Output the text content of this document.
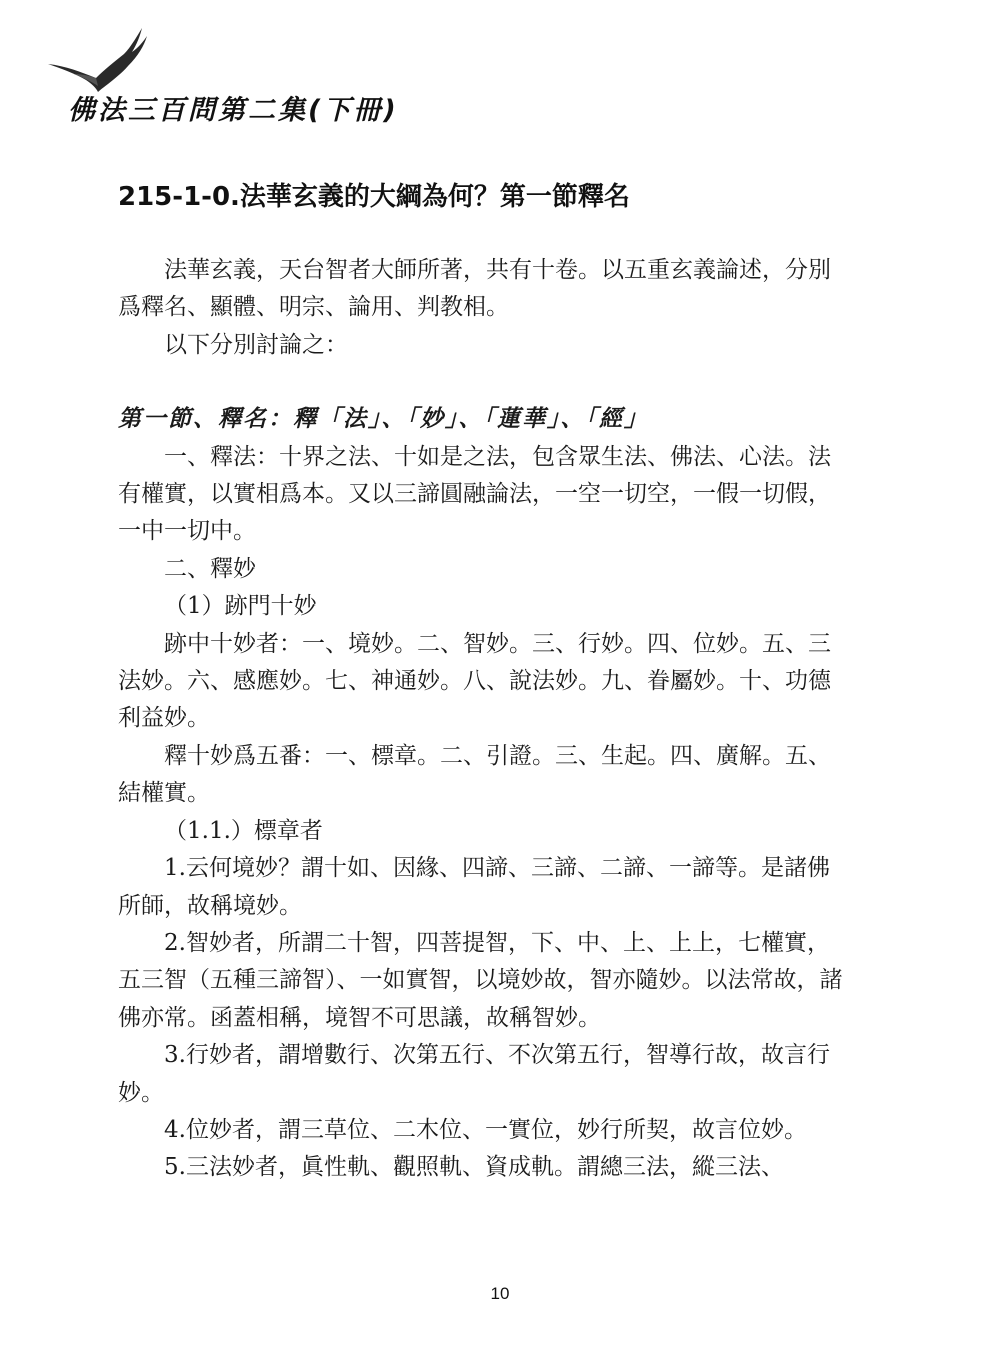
佛法三百問第二集(下冊)
215-1-0.法華玄義的大綱為何？第一節釋名

法華玄義，天台智者大師所著，共有十卷。以五重玄義論述，分別爲釋名、顯體、明宗、論用、判教相。

以下分別討論之：

第一節、釋名：釋「法」、「妙」、「蓮華」、「經」

一、釋法：十界之法、十如是之法，包含眾生法、佛法、心法。法有權實，以實相爲本。又以三諦圓融論法，一空一切空，一假一切假，一中一切中。

二、釋妙

（1）跡門十妙

跡中十妙者：一、境妙。二、智妙。三、行妙。四、位妙。五、三法妙。六、感應妙。七、神通妙。八、說法妙。九、眷屬妙。十、功德利益妙。

釋十妙爲五番：一、標章。二、引證。三、生起。四、廣解。五、結權實。

（1.1.）標章者

1.云何境妙？謂十如、因緣、四諦、三諦、二諦、一諦等。是諸佛所師，故稱境妙。

2.智妙者，所謂二十智，四菩提智，下、中、上、上上，七權實，五三智（五種三諦智）、一如實智，以境妙故，智亦隨妙。以法常故，諸佛亦常。函蓋相稱，境智不可思議，故稱智妙。

3.行妙者，謂增數行、次第五行、不次第五行，智導行故，故言行妙。

4.位妙者，謂三草位、二木位、一實位，妙行所契，故言位妙。

5.三法妙者，眞性軌、觀照軌、資成軌。謂總三法，縱三法、

10
